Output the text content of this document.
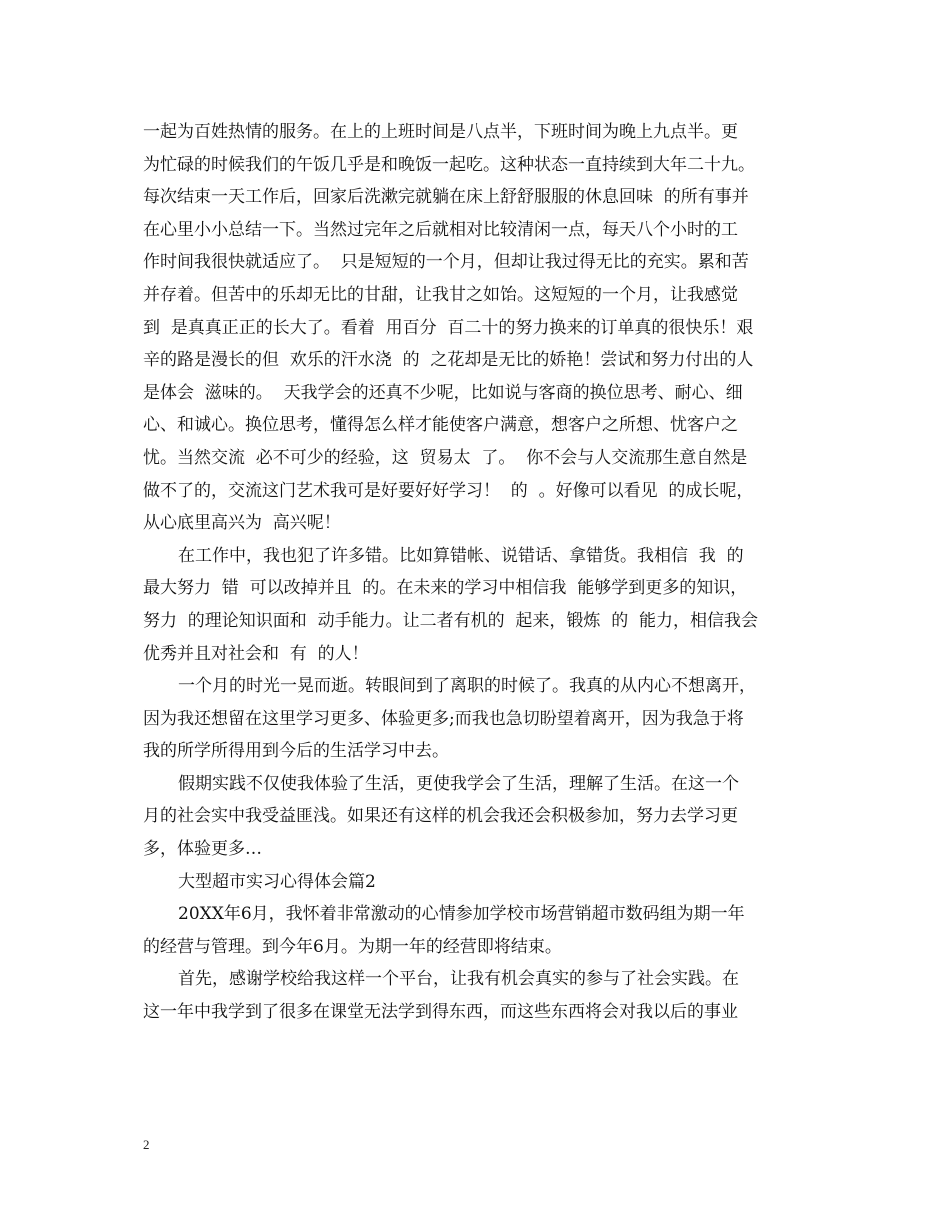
一起为百姓热情的服务。在上的上班时间是八点半，下班时间为晚上九点半。更
为忙碌的时候我们的午饭几乎是和晚饭一起吃。这种状态一直持续到大年二十九。
每次结束一天工作后，回家后洗漱完就躺在床上舒舒服服的休息回味  的所有事并
在心里小小总结一下。当然过完年之后就相对比较清闲一点，每天八个小时的工
作时间我很快就适应了。  只是短短的一个月，但却让我过得无比的充实。累和苦
并存着。但苦中的乐却无比的甘甜，让我甘之如饴。这短短的一个月，让我感觉
到  是真真正正的长大了。看着  用百分  百二十的努力换来的订单真的很快乐！艰
辛的路是漫长的但  欢乐的汗水浇  的  之花却是无比的娇艳！尝试和努力付出的人
是体会  滋味的。  天我学会的还真不少呢，比如说与客商的换位思考、耐心、细
心、和诚心。换位思考，懂得怎么样才能使客户满意，想客户之所想、忧客户之
忧。当然交流  必不可少的经验，这  贸易太  了。  你不会与人交流那生意自然是
做不了的，交流这门艺术我可是好要好好学习！  的  。好像可以看见  的成长呢，
从心底里高兴为  高兴呢！
在工作中，我也犯了许多错。比如算错帐、说错话、拿错货。我相信  我  的
最大努力  错  可以改掉并且  的。在未来的学习中相信我  能够学到更多的知识，
努力  的理论知识面和  动手能力。让二者有机的  起来，锻炼  的  能力，相信我会
优秀并且对社会和  有  的人！
一个月的时光一晃而逝。转眼间到了离职的时候了。我真的从内心不想离开，
因为我还想留在这里学习更多、体验更多;而我也急切盼望着离开，因为我急于将
我的所学所得用到今后的生活学习中去。
假期实践不仅使我体验了生活，更使我学会了生活，理解了生活。在这一个
月的社会实中我受益匪浅。如果还有这样的机会我还会积极参加，努力去学习更
多，体验更多…
大型超市实习心得体会篇2
20XX年6月，我怀着非常激动的心情参加学校市场营销超市数码组为期一年
的经营与管理。到今年6月。为期一年的经营即将结束。
首先，感谢学校给我这样一个平台，让我有机会真实的参与了社会实践。在
这一年中我学到了很多在课堂无法学到得东西，而这些东西将会对我以后的事业
2
